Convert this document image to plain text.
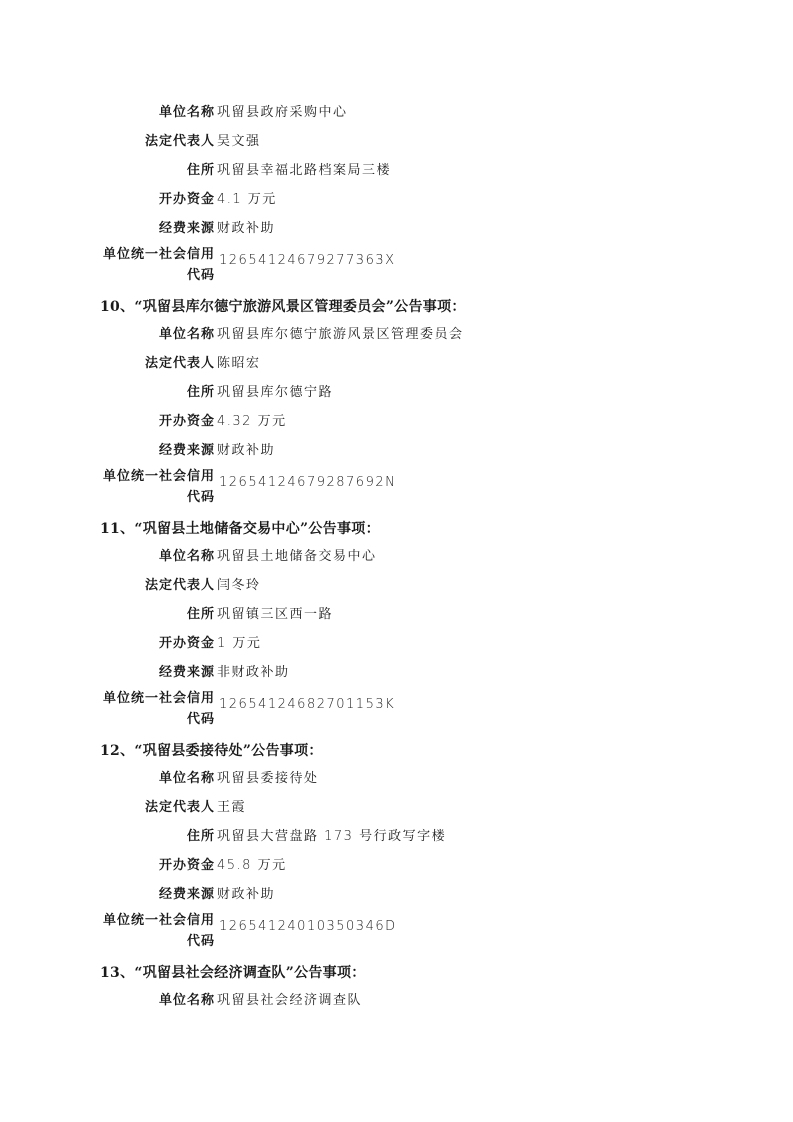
单位名称 巩留县政府采购中心
法定代表人 吴文强
住所 巩留县幸福北路档案局三楼
开办资金 4.1 万元
经费来源 财政补助
单位统一社会信用
代码
12654124679277363X
10、“巩留县库尔德宁旅游风景区管理委员会”公告事项：
单位名称 巩留县库尔德宁旅游风景区管理委员会
法定代表人 陈昭宏
住所 巩留县库尔德宁路
开办资金 4.32 万元
经费来源 财政补助
单位统一社会信用
代码
12654124679287692N
11、“巩留县土地储备交易中心”公告事项：
单位名称 巩留县土地储备交易中心
法定代表人 闫冬玲
住所 巩留镇三区西一路
开办资金 1 万元
经费来源 非财政补助
单位统一社会信用
代码
12654124682701153K
12、“巩留县委接待处”公告事项：
单位名称 巩留县委接待处
法定代表人 王霞
住所 巩留县大营盘路 173 号行政写字楼
开办资金 45.8 万元
经费来源 财政补助
单位统一社会信用
代码
12654124010350346D
13、“巩留县社会经济调查队”公告事项：
单位名称 巩留县社会经济调查队
